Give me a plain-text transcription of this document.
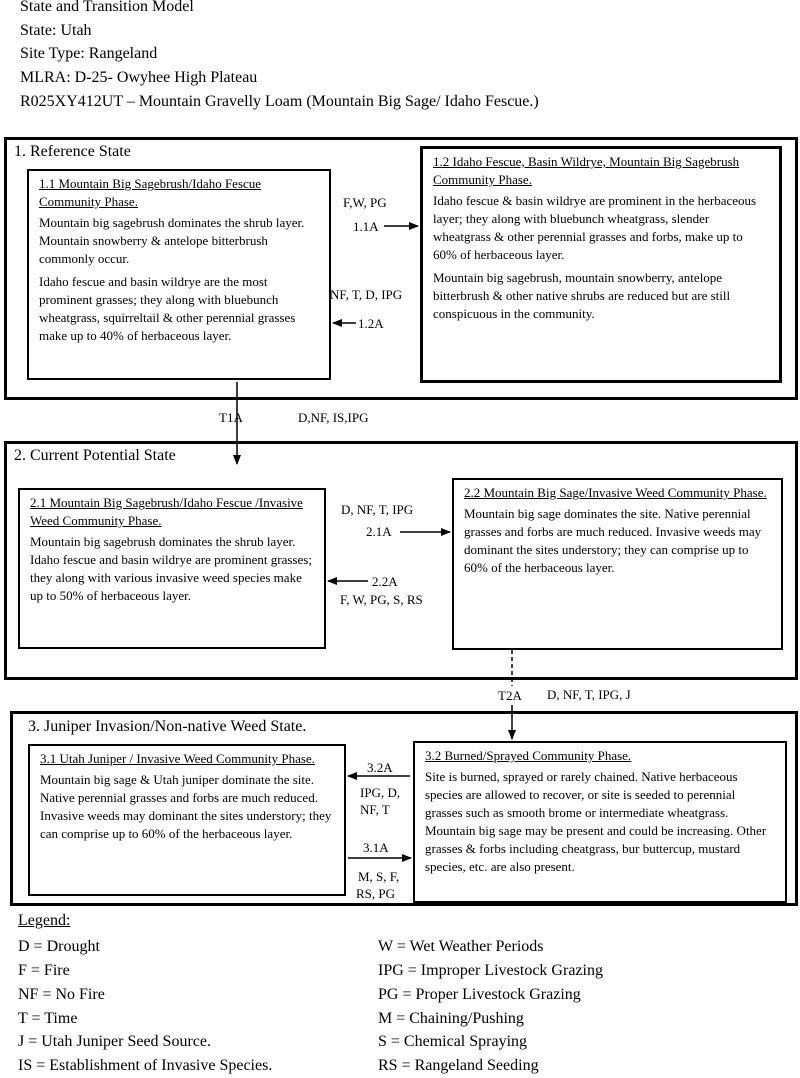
State and Transition Model
State: Utah
Site Type: Rangeland
MLRA: D-25- Owyhee High Plateau
R025XY412UT – Mountain Gravelly Loam (Mountain Big Sage/ Idaho Fescue.)
1. Reference State
1.1 Mountain Big Sagebrush/Idaho Fescue Community Phase.

Mountain big sagebrush dominates the shrub layer. Mountain snowberry & antelope bitterbrush commonly occur.

Idaho fescue and basin wildrye are the most prominent grasses; they along with bluebunch wheatgrass, squirreltail & other perennial grasses make up to 40% of herbaceous layer.

1.2 Idaho Fescue, Basin Wildrye, Mountain Big Sagebrush Community Phase.

Idaho fescue & basin wildrye are prominent in the herbaceous layer; they along with bluebunch wheatgrass, slender wheatgrass & other perennial grasses and forbs, make up to 60% of herbaceous layer.

Mountain big sagebrush, mountain snowberry, antelope bitterbrush & other native shrubs are reduced but are still conspicuous in the community.

F,W, PG
1.1A
NF, T, D, IPG
1.2A
T1A	D,NF, IS,IPG
2. Current Potential State
2.1 Mountain Big Sagebrush/Idaho Fescue /Invasive Weed Community Phase.

Mountain big sagebrush dominates the shrub layer. Idaho fescue and basin wildrye are prominent grasses; they along with various invasive weed species make up to 50% of herbaceous layer.

2.2 Mountain Big Sage/Invasive Weed Community Phase.

Mountain big sage dominates the site. Native perennial grasses and forbs are much reduced. Invasive weeds may dominant the sites understory; they can comprise up to 60% of the herbaceous layer.

D, NF, T, IPG
2.1A
2.2A
F, W, PG, S, RS
T2A D, NF, T, IPG, J
3. Juniper Invasion/Non-native Weed State.
3.1 Utah Juniper / Invasive Weed Community Phase.

Mountain big sage & Utah juniper dominate the site. Native perennial grasses and forbs are much reduced. Invasive weeds may dominant the sites understory; they can comprise up to 60% of the herbaceous layer.

3.2 Burned/Sprayed Community Phase.

Site is burned, sprayed or rarely chained. Native herbaceous species are allowed to recover, or site is seeded to perennial grasses such as smooth brome or intermediate wheatgrass. Mountain big sage may be present and could be increasing. Other grasses & forbs including cheatgrass, bur buttercup, mustard species, etc. are also present.

3.2A
IPG, D,
NF, T
3.1A
M, S, F,
RS, PG
Legend:
D = Drought
F = Fire
NF = No Fire
T = Time
J = Utah Juniper Seed Source.
IS = Establishment of Invasive Species.
W = Wet Weather Periods
IPG = Improper Livestock Grazing
PG = Proper Livestock Grazing
M = Chaining/Pushing
S = Chemical Spraying
RS = Rangeland Seeding
